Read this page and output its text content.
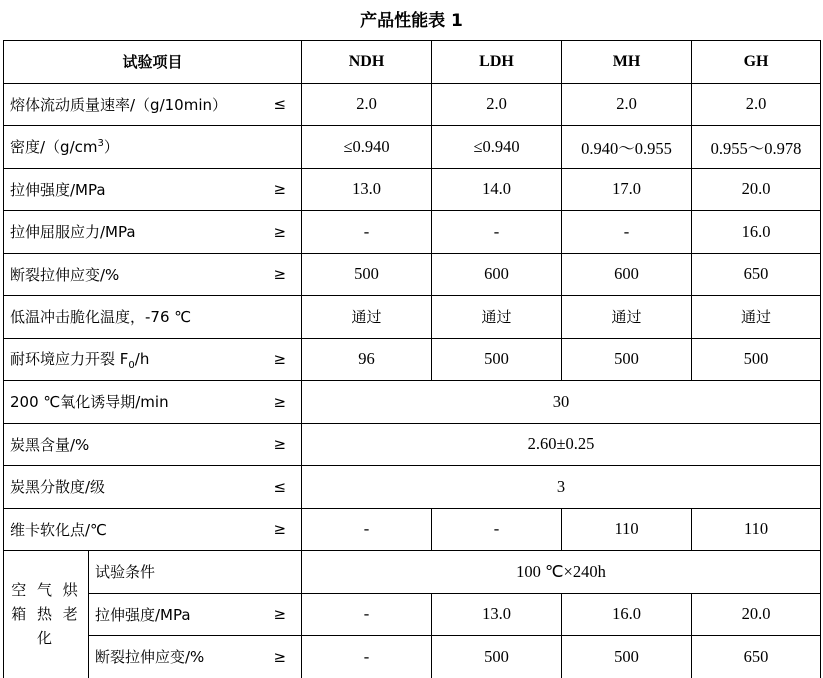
产品性能表 1
试验项目		NDH	LDH	MH	GH

熔体流动质量速率/（g/10min） ≤		2.0	2.0	2.0	2.0

密度$/(g/cm^3)$		≤0.940	≤0.940	0.940～0.955	0.955～0.978

拉伸强度/MPa ≥		13.0	14.0	17.0	20.0

拉伸屈服应力/MPa ≥		-	-	-	16.0

断裂拉伸应变/% ≥		500	600	600	650

低温冲击脆化温度，-76 ℃		通过	通过	通过	通过

耐环境应力开裂 $F_0/h$ ≥		96	500	500	500

200 ℃氧化诱导期/min ≥		30			

炭黑含量/% ≥		2.60±0.25			

炭黑分散度/级 ≤		3			

维卡软化点/℃ ≥		-	-	110	110

空 气 烘
箱 热 老
化	试验条件	100 ℃×240h			

	拉伸强度/MPa ≥	-	13.0	16.0	20.0

	断裂拉伸应变/% ≥	-	500	500	650
